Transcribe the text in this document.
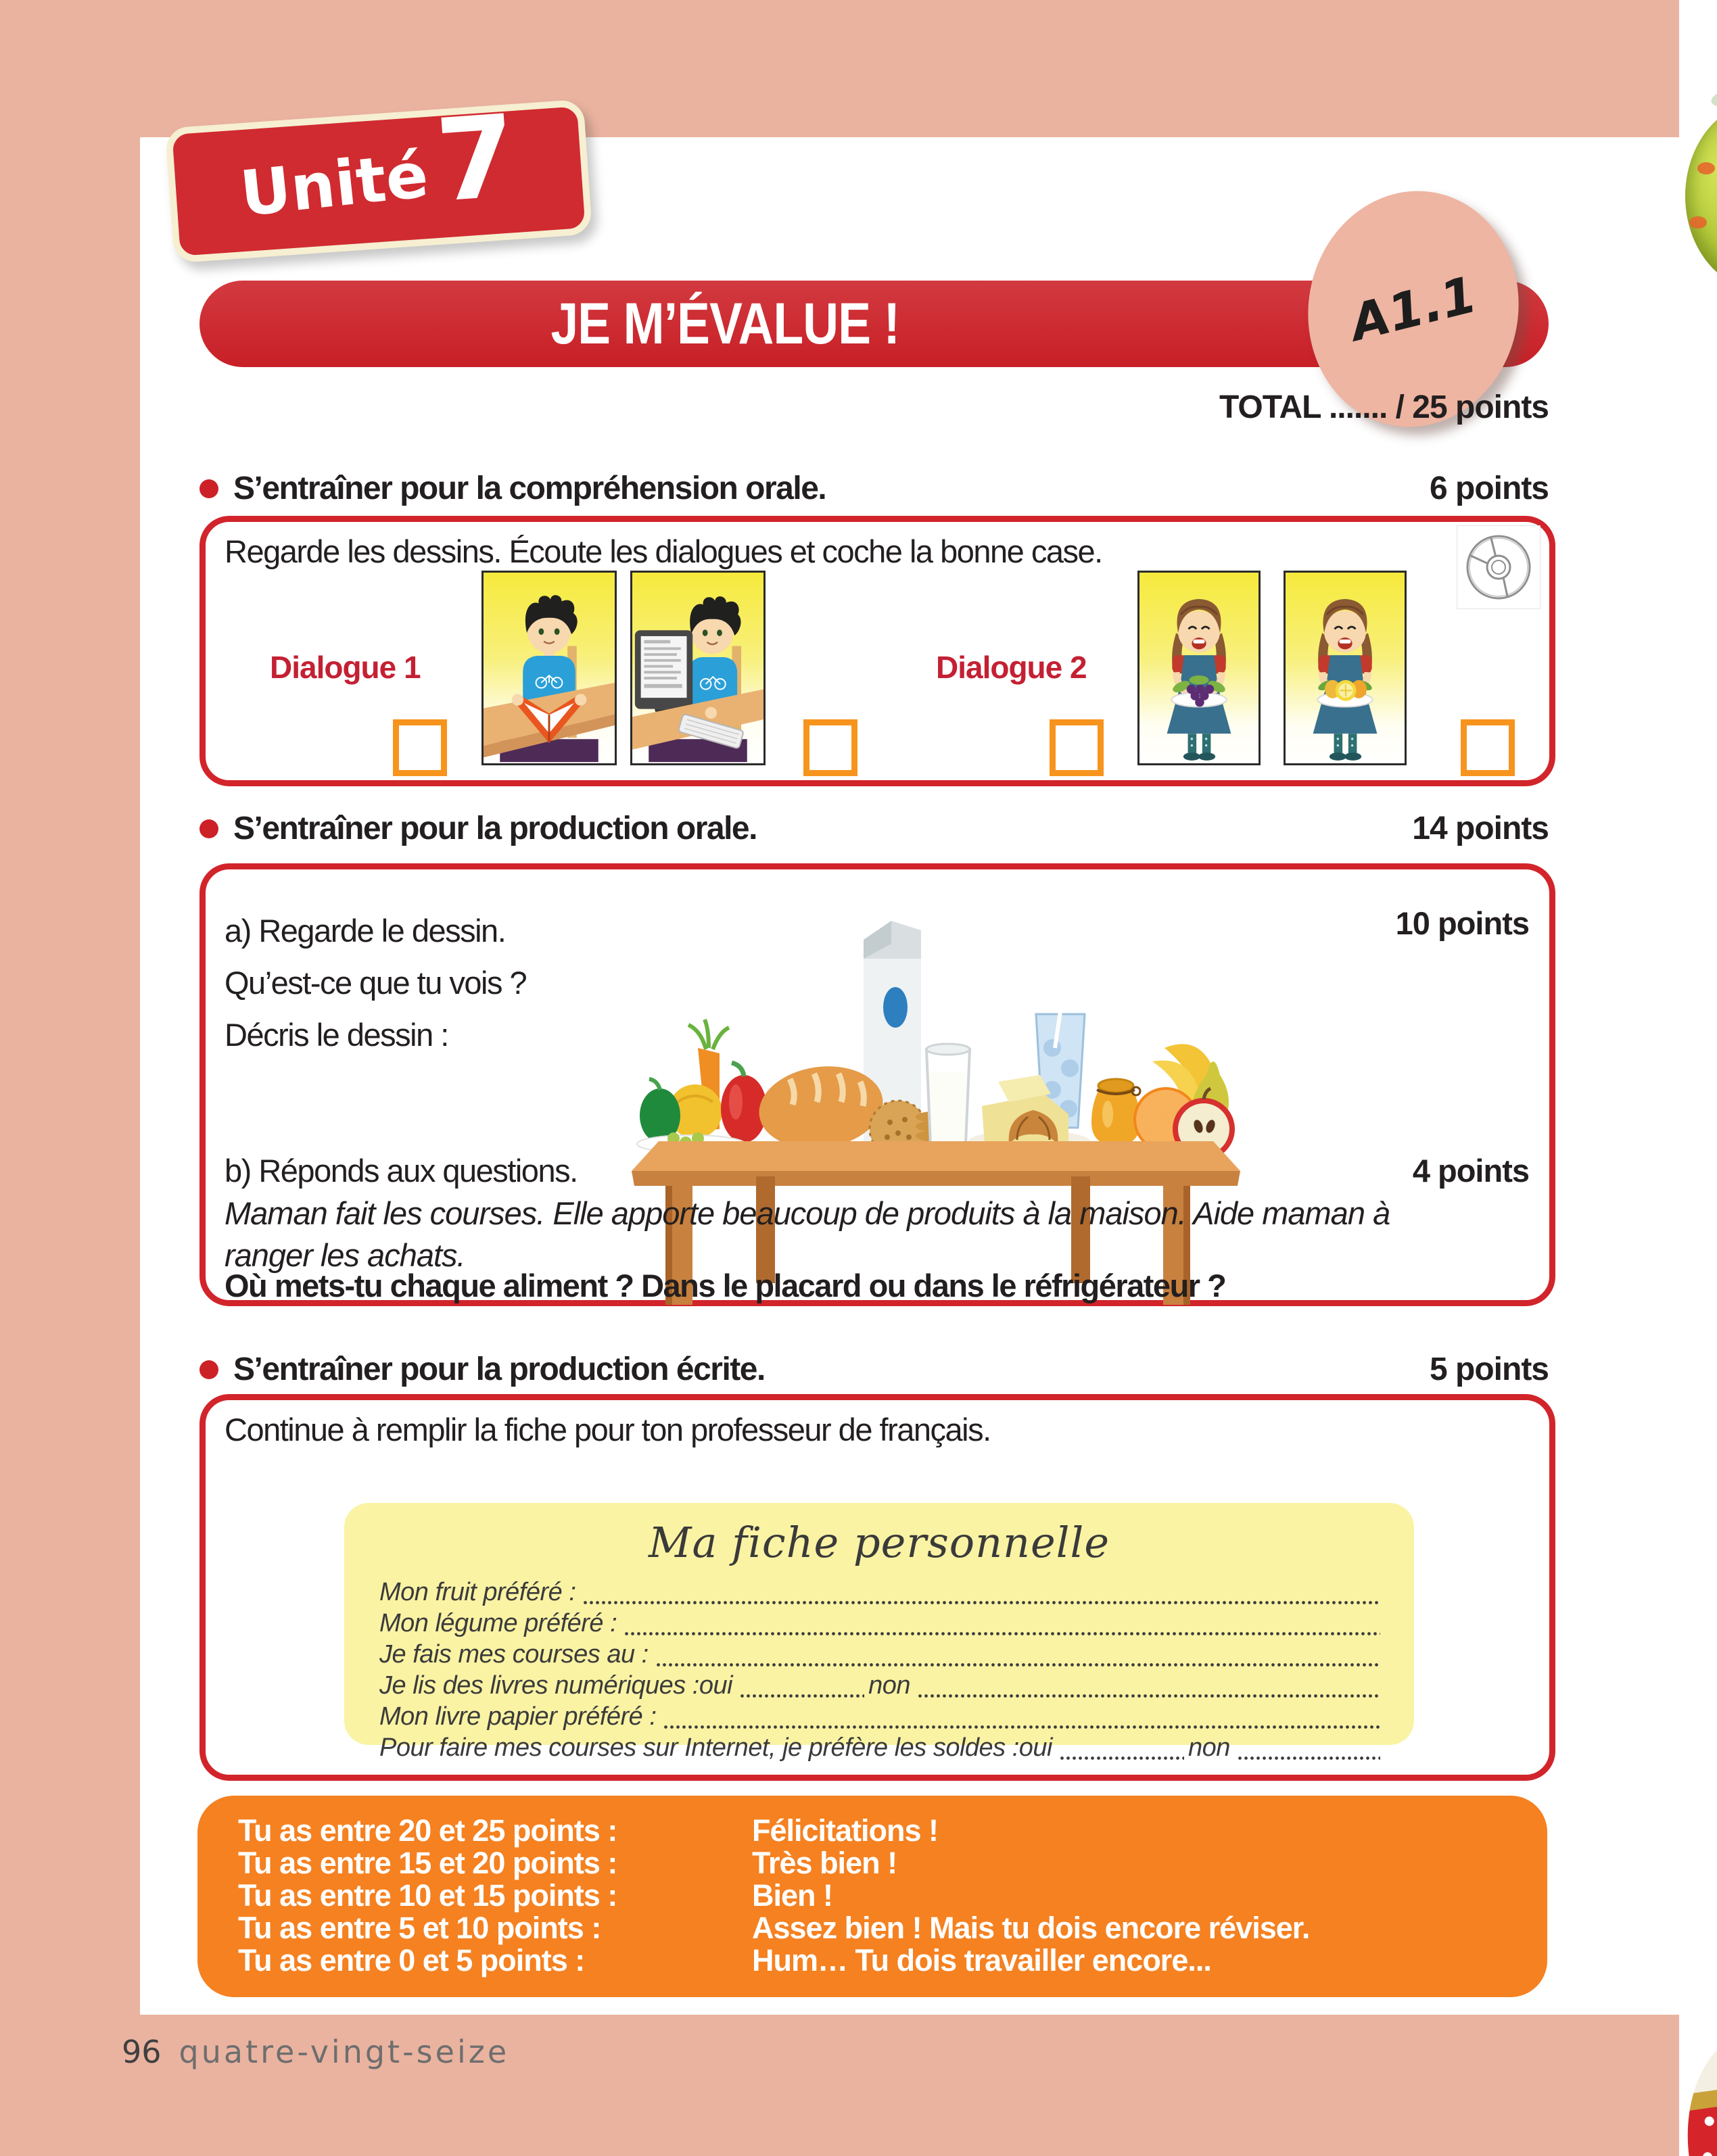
Unité 7
JE M’ÉVALUE !	A1.1
TOTAL ....... / 25 points
S’entraîner pour la compréhension orale.	6 points
Regarde les dessins. Écoute les dialogues et coche la bonne case.
Dialogue 1	Dialogue 2
S’entraîner pour la production orale.	14 points
a) Regarde le dessin.
Qu’est-ce que tu vois ?
Décris le dessin :
10 points
b) Réponds aux questions.	4 points
Maman fait les courses. Elle apporte beaucoup de produits à la maison. Aide maman à ranger les achats.
Où mets-tu chaque aliment ? Dans le placard ou dans le réfrigérateur ?
S’entraîner pour la production écrite.	5 points
Continue à remplir la fiche pour ton professeur de français.
Ma fiche personnelle
Mon fruit préféré :
Mon légume préféré :
Je fais mes courses au :
Je lis des livres numériques : oui	non
Mon livre papier préféré :
Pour faire mes courses sur Internet, je préfère les soldes : oui	non
Tu as entre 20 et 25 points :	Félicitations !
Tu as entre 15 et 20 points :	Très bien !
Tu as entre 10 et 15 points :	Bien !
Tu as entre 5 et 10 points :	Assez bien ! Mais tu dois encore réviser.
Tu as entre 0 et 5 points :	Hum… Tu dois travailler encore...
96 quatre-vingt-seize
